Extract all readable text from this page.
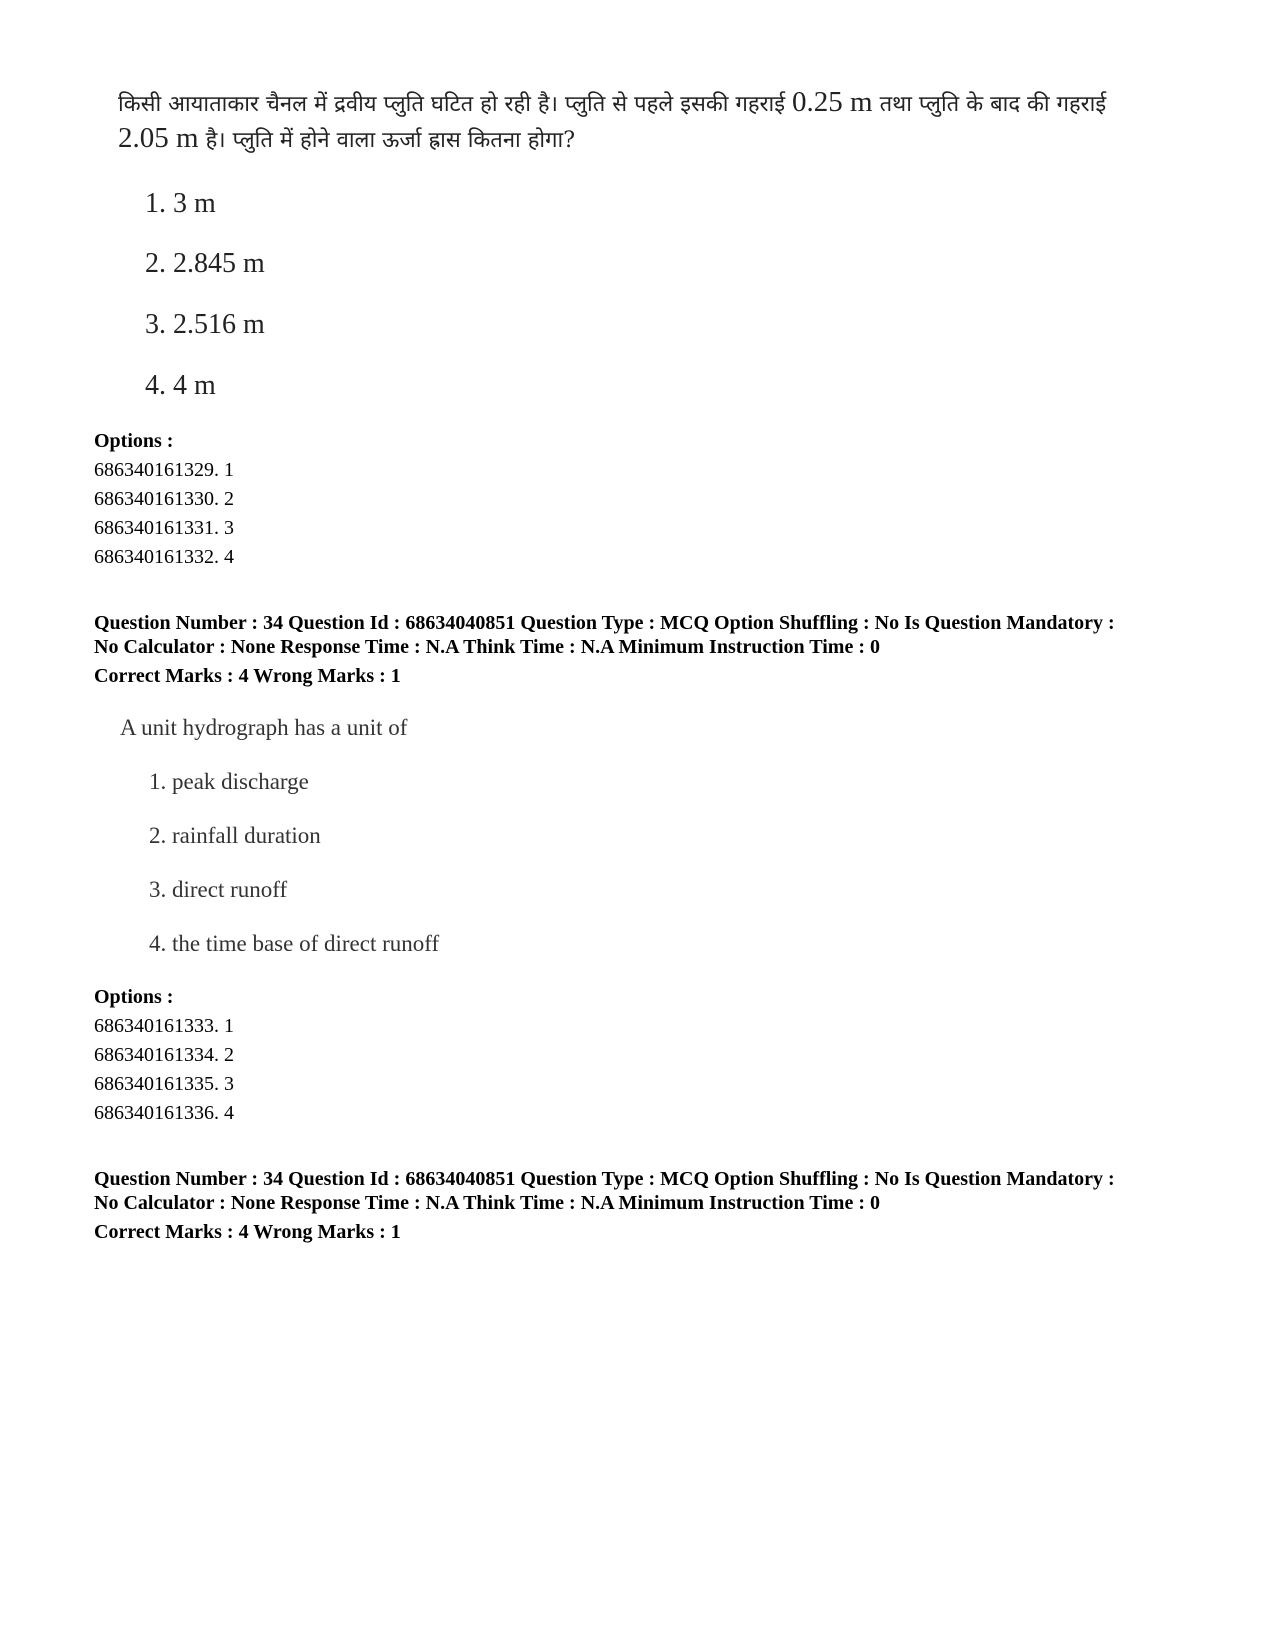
किसी आयाताकार चैनल में द्रवीय प्लुति घटित हो रही है। प्लुति से पहले इसकी गहराई 0.25 m तथा प्लुति के बाद की गहराई
2.05 m है। प्लुति में होने वाला ऊर्जा ह्रास कितना होगा?
1. 3 m
2. 2.845 m
3. 2.516 m
4. 4 m
Options :
686340161329. 1
686340161330. 2
686340161331. 3
686340161332. 4
Question Number : 34 Question Id : 68634040851 Question Type : MCQ Option Shuffling : No Is Question Mandatory :
No Calculator : None Response Time : N.A Think Time : N.A Minimum Instruction Time : 0
Correct Marks : 4 Wrong Marks : 1
A unit hydrograph has a unit of
1. peak discharge
2. rainfall duration
3. direct runoff
4. the time base of direct runoff
Options :
686340161333. 1
686340161334. 2
686340161335. 3
686340161336. 4
Question Number : 34 Question Id : 68634040851 Question Type : MCQ Option Shuffling : No Is Question Mandatory :
No Calculator : None Response Time : N.A Think Time : N.A Minimum Instruction Time : 0
Correct Marks : 4 Wrong Marks : 1
